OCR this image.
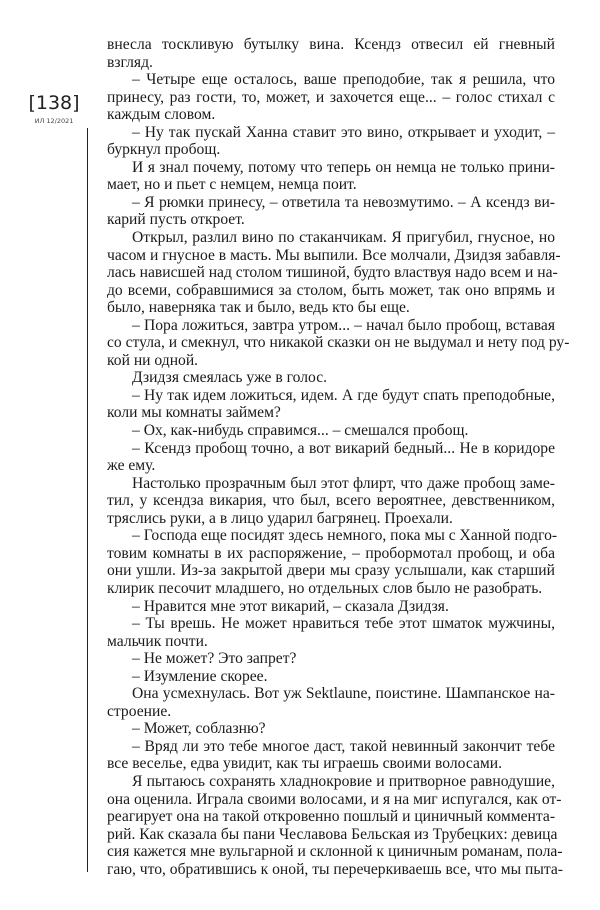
[138]
ИЛ 12/2021
внесла тоскливую бутылку вина. Ксендз отвесил ей гневный
взгляд.
– Четыре еще осталось, ваше преподобие, так я решила, что
принесу, раз гости, то, может, и захочется еще... – голос стихал с
каждым словом.
– Ну так пускай Ханна ставит это вино, открывает и уходит, –
буркнул пробощ.
И я знал почему, потому что теперь он немца не только прини-
мает, но и пьет с немцем, немца поит.
– Я рюмки принесу, – ответила та невозмутимо. – А ксендз ви-
карий пусть откроет.
Открыл, разлил вино по стаканчикам. Я пригубил, гнусное, но
часом и гнусное в масть. Мы выпили. Все молчали, Дзидзя забавля-
лась нависшей над столом тишиной, будто властвуя надо всем и на-
до всеми, собравшимися за столом, быть может, так оно впрямь и
было, наверняка так и было, ведь кто бы еще.
– Пора ложиться, завтра утром... – начал было пробощ, вставая
со стула, и смекнул, что никакой сказки он не выдумал и нету под ру-
кой ни одной.
Дзидзя смеялась уже в голос.
– Ну так идем ложиться, идем. А где будут спать преподобные,
коли мы комнаты займем?
– Ох, как-нибудь справимся... – смешался пробощ.
– Ксендз пробощ точно, а вот викарий бедный... Не в коридоре
же ему.
Настолько прозрачным был этот флирт, что даже пробощ заме-
тил, у ксендза викария, что был, всего вероятнее, девственником,
тряслись руки, а в лицо ударил багрянец. Проехали.
– Господа еще посидят здесь немного, пока мы с Ханной подго-
товим комнаты в их распоряжение, – пробормотал пробощ, и оба
они ушли. Из-за закрытой двери мы сразу услышали, как старший
клирик песочит младшего, но отдельных слов было не разобрать.
– Нравится мне этот викарий, – сказала Дзидзя.
– Ты врешь. Не может нравиться тебе этот шматок мужчины,
мальчик почти.
– Не может? Это запрет?
– Изумление скорее.
Она усмехнулась. Вот уж Sektlaune, поистине. Шампанское на-
строение.
– Может, соблазню?
– Вряд ли это тебе многое даст, такой невинный закончит тебе
все веселье, едва увидит, как ты играешь своими волосами.
Я пытаюсь сохранять хладнокровие и притворное равнодушие,
она оценила. Играла своими волосами, и я на миг испугался, как от-
реагирует она на такой откровенно пошлый и циничный коммента-
рий. Как сказала бы пани Чеславова Бельская из Трубецких: девица
сия кажется мне вульгарной и склонной к циничным романам, пола-
гаю, что, обратившись к оной, ты перечеркиваешь все, что мы пыта-
